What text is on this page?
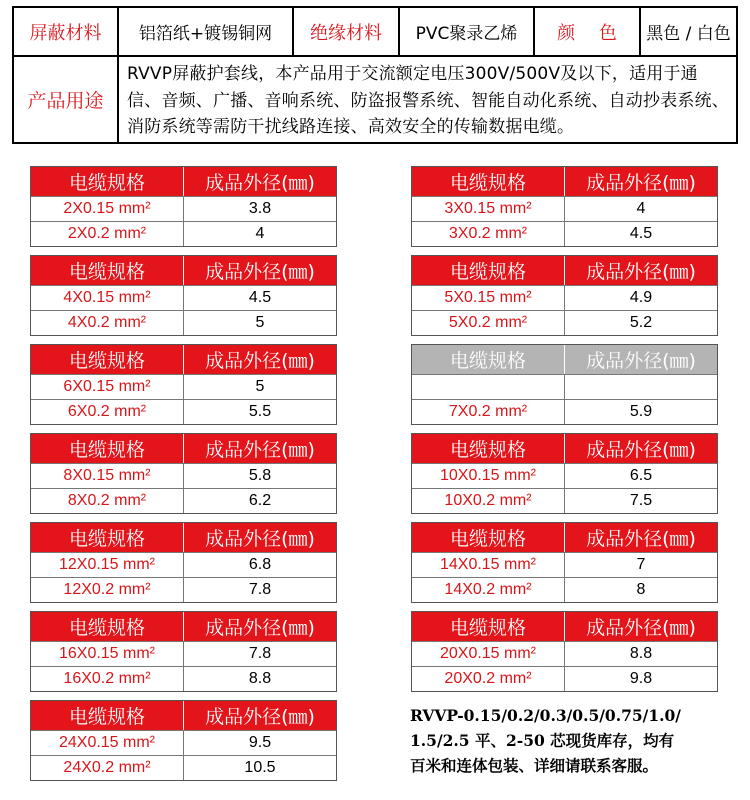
屏蔽材料	铝箔纸+镀锡铜网	绝缘材料	PVC聚录乙烯	颜　 色	黑色 / 白色
产品用途
RVVP屏蔽护套线，本产品用于交流额定电压300V/500V及以下，适用于通信、音频、广播、音响系统、防盗报警系统、智能自动化系统、自动抄表系统、消防系统等需防干扰线路连接、高效安全的传输数据电缆。
电缆规格	成品外径(㎜)
2X0.15 mm²	3.8
2X0.2 mm²	4
电缆规格	成品外径(㎜)
4X0.15 mm²	4.5
4X0.2 mm²	5
电缆规格	成品外径(㎜)
6X0.15 mm²	5
6X0.2 mm²	5.5
电缆规格	成品外径(㎜)
8X0.15 mm²	5.8
8X0.2 mm²	6.2
电缆规格	成品外径(㎜)
12X0.15 mm²	6.8
12X0.2 mm²	7.8
电缆规格	成品外径(㎜)
16X0.15 mm²	7.8
16X0.2 mm²	8.8
电缆规格	成品外径(㎜)
24X0.15 mm²	9.5
24X0.2 mm²	10.5
电缆规格	成品外径(㎜)
3X0.15 mm²	4
3X0.2 mm²	4.5
电缆规格	成品外径(㎜)
5X0.15 mm²	4.9
5X0.2 mm²	5.2
电缆规格	成品外径(㎜)
7X0.2 mm²	5.9
电缆规格	成品外径(㎜)
10X0.15 mm²	6.5
10X0.2 mm²	7.5
电缆规格	成品外径(㎜)
14X0.15 mm²	7
14X0.2 mm²	8
电缆规格	成品外径(㎜)
20X0.15 mm²	8.8
20X0.2 mm²	9.8
RVVP-0.15/0.2/0.3/0.5/0.75/1.0/
1.5/2.5 平、2-50 芯现货库存，均有
百米和连体包装、详细请联系客服。
